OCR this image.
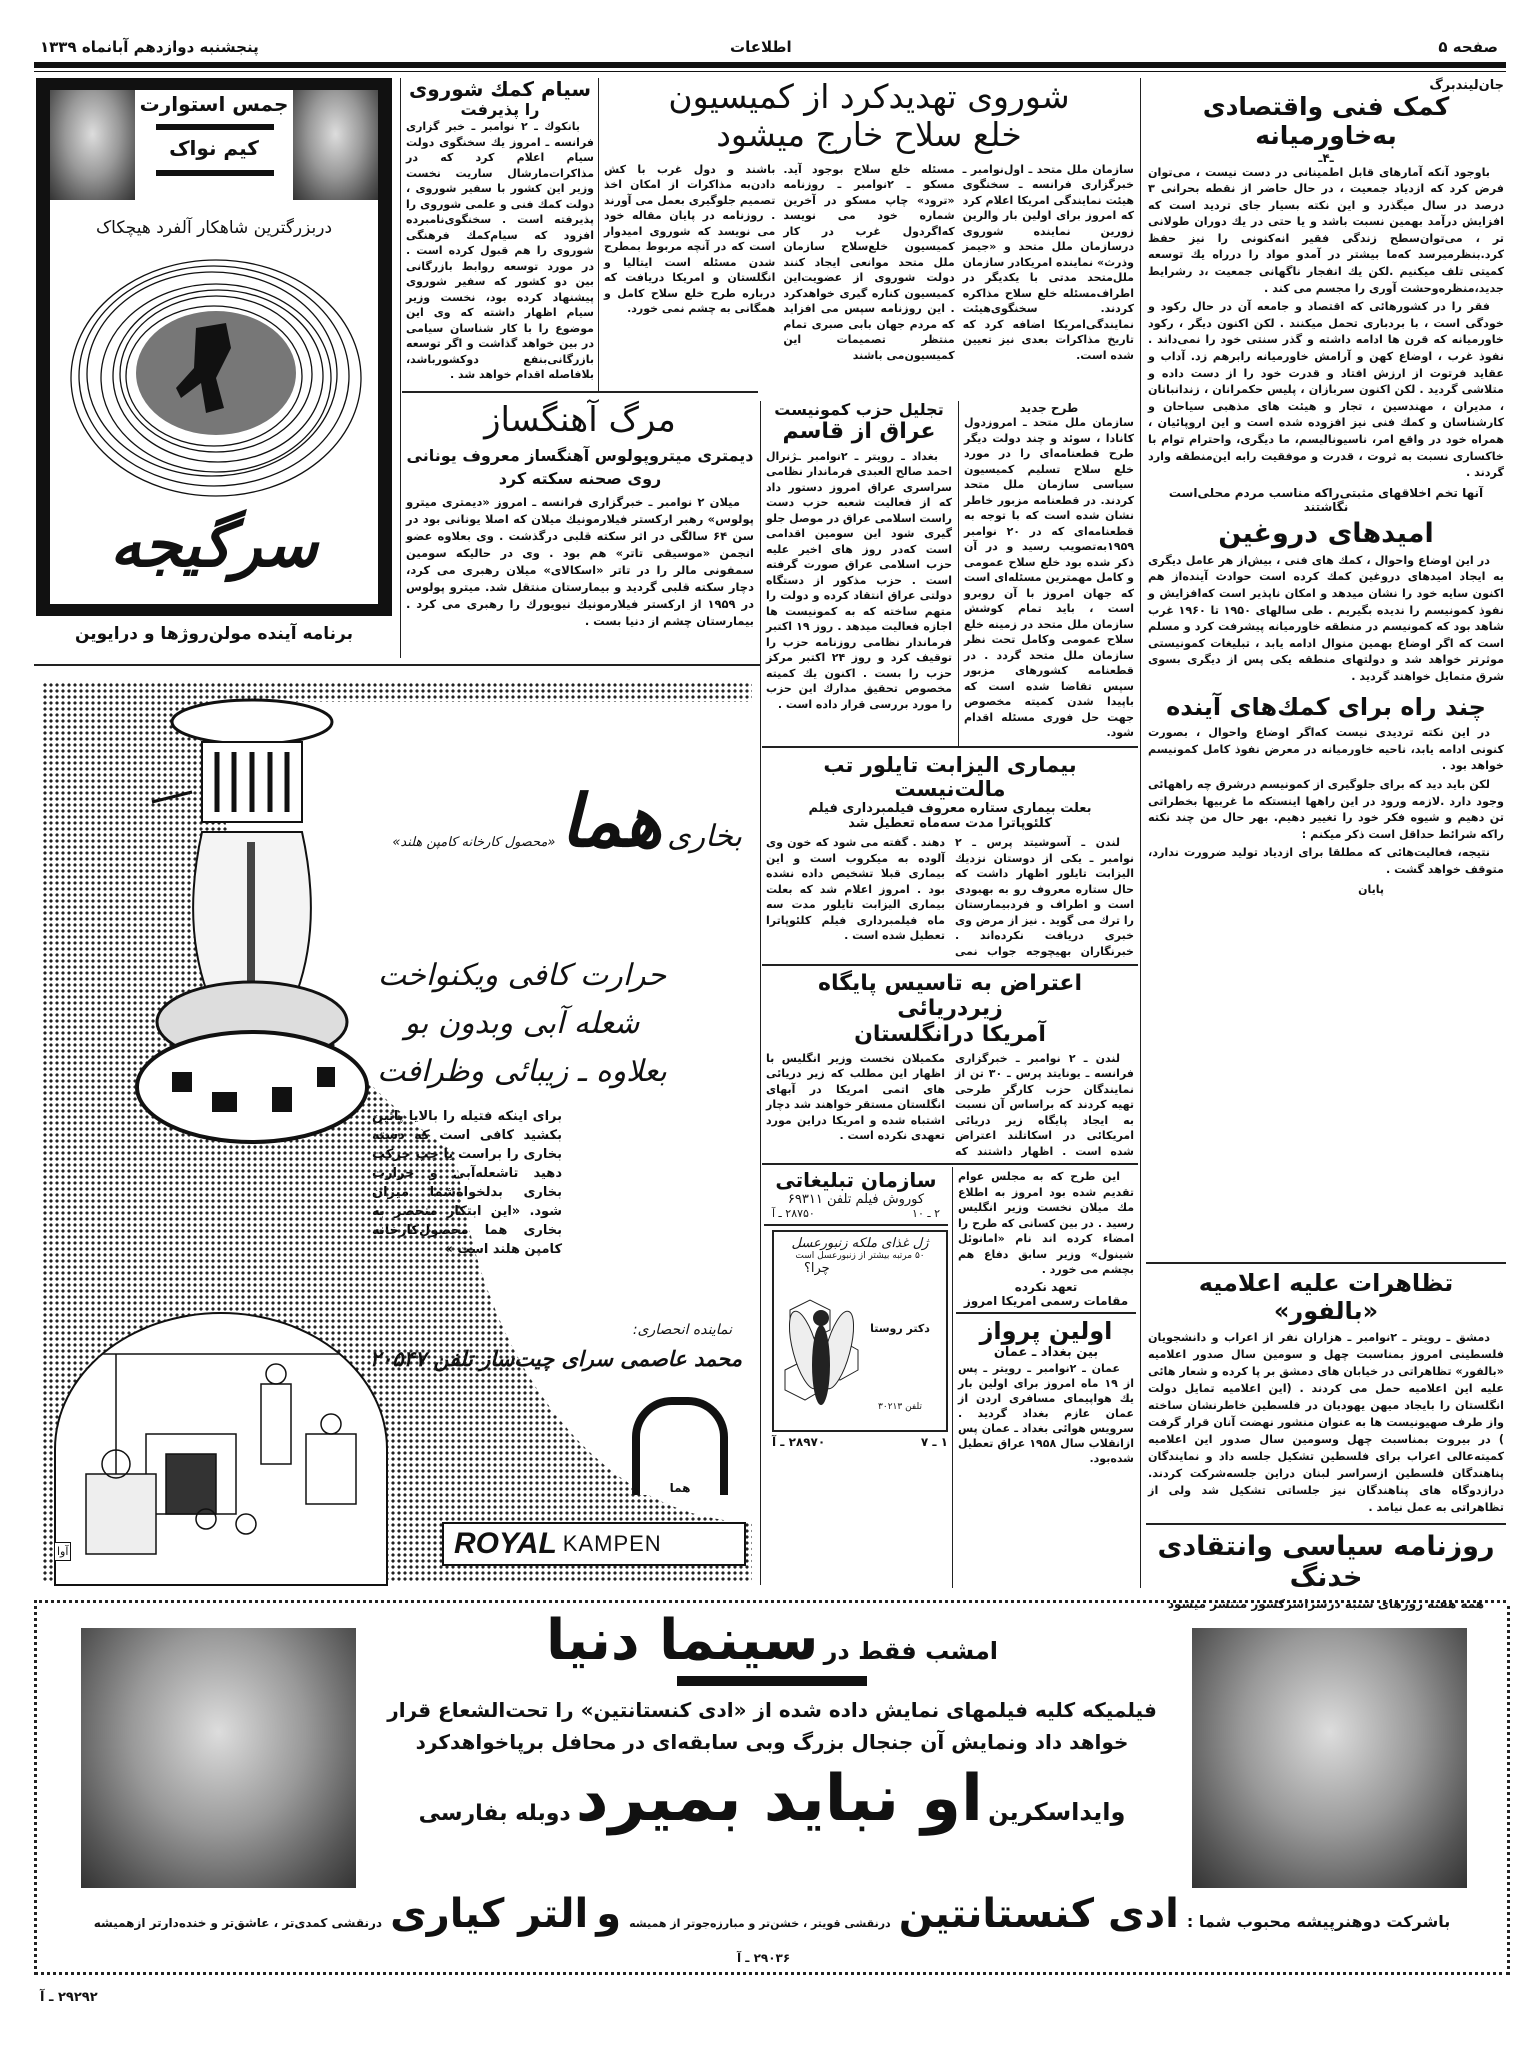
صفحه ۵
اطلاعات
پنجشنبه دوازدهم آبانماه ۱۳۳۹
جان‌لیندبرگ
کمک فنی واقتصادی به‌خاورمیانه
ـ۴ـ

باوجود آنکه آمارهای قابل اطمینانی در دست نیست ، می‌توان فرض کرد که ازدیاد جمعیت ، در حال حاضر از نقطه بحرانی ۳ درصد در سال میگذرد و این نکته بسیار جای تردید است که افزایش درآمد بهمین نسبت باشد و یا حتی در یك دوران طولانی تر ، می‌توان‌سطح زندگی فقیر انه‌کنونی را نیز حفظ کرد.بنظرمیرسد که‌ما بیشتر در آمدو مواد را درراه یك توسعه کمیتی تلف میکنیم .لکن یك انفجار ناگهانی جمعیت ،د رشرایط جدید،منظره‌وحشت آوری را مجسم می کند .

فقر را در کشورهائی که اقتصاد و جامعه آن در حال رکود و خودگی است ، با بردباری تحمل میکنند . لکن اکنون دیگر ، رکود خاورمیانه که قرن ها ادامه داشته و گذر سنتی خود را نمی‌داند . نفوذ غرب ، اوضاع کهن و آرامش خاورمیانه رابرهم زد. آداب و عقاید فرتوت از ارزش افتاد و قدرت خود را از دست داده و متلاشی گردید . لکن اکنون سربازان ، پلیس حکمرانان ، زندانبانان ، مدیران ، مهندسین ، تجار و هیئت های مذهبی سیاحان و کارشناسان و کمك فنی نیز افزوده شده است و این اروپائیان ، همراه خود در واقع امر، ناسیونالیسم، ما دیگری، واحترام توام با خاکساری نسبت به ثروت ، قدرت و موفقیت رابه این‌منطقه وارد گردند .

آنها تخم اخلاقهای مثبتی‌راکه مناسب مردم محلی‌است نگاشتند
امیدهای دروغین

در این اوضاع واحوال ، کمك های فنی ، بیش‌از هر عامل دیگری به ایجاد امیدهای دروغین کمك کرده است حوادث آینده‌از هم اکنون سایه خود را نشان میدهد و امکان ناپذیر است که‌افزایش و نفوذ کمونیسم را ندیده بگیریم . طی سالهای ۱۹۵۰ تا ۱۹۶۰ غرب شاهد بود که کمونیسم در منطقه خاورمیانه پیشرفت کرد و مسلم است که اگر اوضاع بهمین منوال ادامه یابد ، تبلیغات کمونیستی موثرتر خواهد شد و دولتهای منطقه یکی پس از دیگری بسوی شرق متمایل خواهند گردید .

چند راه برای کمك‌های آینده

در این نکته تردیدی نیست که‌اگر اوضاع واحوال ، بصورت کنونی ادامه یابد، ناحیه خاورمیانه در معرض نفوذ کامل کمونیسم خواهد بود .

لکن باید دید که برای جلوگیری از کمونیسم درشرق چه راههائی وجود دارد .لازمه ورود در این راهها اینستکه ما غربیها بخطراتی تن دهیم و شیوه فکر خود را تغییر دهیم. بهر حال من چند نکته راکه شرائط حداقل است ذکر میکنم :

نتیجه، فعالیت‌هائی که مطلقا برای ازدیاد تولید ضرورت ندارد، متوقف خواهد گشت .

پایان
تظاهرات علیه اعلامیه «بالفور»

دمشق ـ رویتر ـ ۲نوامبر ـ هزاران نفر از اعراب و دانشجویان فلسطینی امروز بمناسبت چهل و سومین سال صدور اعلامیه «بالفور» تظاهراتی در خیابان های دمشق بر پا کرده و شعار هائی علیه این اعلامیه حمل می کردند . (این اعلامیه تمایل دولت انگلستان را بایجاد میهن یهودیان در فلسطین خاطرنشان ساخته واز طرف صهیونیست ها به عنوان منشور نهضت آنان قرار گرفت ) در بیروت بمناسبت چهل وسومین سال صدور این اعلامیه کمیته‌عالی اعراب برای فلسطین تشکیل جلسه داد و نمایندگان پناهندگان فلسطین ازسراسر لبنان دراین جلسه‌شرکت کردند. درازدوگاه های پناهندگان نیز جلساتی تشکیل شد ولی از تظاهراتی به عمل نیامد .

روزنامه سیاسی وانتقادی خدنگ
همه هفته روزهای شنبه درسراسرکشور منتشر میشود
شوروی تهدیدکرد از کمیسیون
خلع سلاح خارج میشود
سازمان ملل متحد ـ اول‌نوامبر ـ خبرگزاری فرانسه ـ سخنگوی هیئت نمایندگی امریکا اعلام کرد که امروز برای اولین بار والرین زورین نماینده شوروی درسازمان ملل متحد و «جیمز وذرث» نماینده امریکادر سازمان ملل‌متحد مدتی با یکدیگر در اطراف‌مسئله خلع سلاح مذاکره کردند. سخنگوی‌هیئت نمایندگی‌امریکا اضافه کرد که تاریخ مذاکرات بعدی نیز تعیین شده است.
مسئله خلع سلاح بوجود آید. مسکو ـ ۲نوامبر ـ روزنامه «ترود» چاپ مسکو در آخرین شماره خود می نویسد که‌اگردول غرب در کار کمیسیون خلع‌سلاح سازمان ملل متحد موانعی ایجاد کنند دولت شوروی از عضویت‌این کمیسیون کناره گیری خواهدکرد . این روزنامه سپس می افزاید که مردم جهان بابی صبری تمام منتظر تصمیمات این کمیسیون‌می باشند
باشند و دول غرب با کش دادن‌به مذاکرات از امکان اخذ تصمیم جلوگیری بعمل می آورند . روزنامه در پایان مقاله خود می نویسد که شوروی امیدوار است که در آنچه مربوط بمطرح شدن مسئله است ایتالیا و انگلستان و امریکا دریافت که درباره طرح خلع سلاح کامل و همگانی به چشم نمی خورد.
طرح جدید
سازمان ملل متحد ـ امروزدول کانادا ، سوئد و چند دولت دیگر طرح قطعنامه‌ای را در مورد خلع سلاح تسلیم کمیسیون سیاسی سازمان ملل متحد کردند. در قطعنامه مزبور خاطر نشان شده است که با توجه به قطعنامه‌ای که در ۲۰ نوامبر ۱۹۵۹به‌تصویب رسید و در آن ذکر شده بود خلع سلاح عمومی و کامل مهمترین مسئله‌ای است که جهان امروز با آن روبرو است ، باید تمام کوشش سازمان ملل متحد در زمینه خلع سلاح عمومی وکامل تحت نظر سازمان ملل متحد گردد . در قطعنامه کشورهای مزبور سپس تقاضا شده است که باپیدا شدن کمیته مخصوص جهت حل فوری مسئله اقدام شود.
سیام کمك شوروی
را پذیرفت

بانکوك ـ ۲ نوامبر ـ خبر گزاری فرانسه ـ امروز یك سخنگوی دولت سیام اعلام کرد که در مذاکرات‌مارشال ساریت نخست وزیر این کشور با سفیر شوروی ، دولت کمك فنی و علمی شوروی را پذیرفته است . سخنگوی‌نامبرده افزود که سیام‌کمك فرهنگی شوروی را هم قبول کرده است . در مورد توسعه روابط بازرگانی بین دو کشور که سفیر شوروی پیشنهاد کرده بود، نخست وزیر سیام اظهار داشته که وی این موضوع را با کار شناسان سیامی در بین خواهد گذاشت و اگر توسعه بازرگانی‌بنفع دوکشورباشد، بلافاصله اقدام خواهد شد .

مرگ آهنگساز
دیمتری میتروپولوس آهنگساز معروف یونانی
روی صحنه سکته کرد

میلان ۲ نوامبر ـ خبرگزاری فرانسه ـ امروز «دیمتری میترو پولوس» رهبر ارکستر فیلارمونیك میلان که اصلا یونانی بود در سن ۶۴ سالگی در اثر سکته قلبی درگذشت . وی بعلاوه عضو انجمن «موسیقی تاتر» هم بود . وی در حالیکه سومین سمفونی مالر را در تاتر «اسکالای» میلان رهبری می کرد، دچار سکته قلبی گردید و بیمارستان منتقل شد. میترو پولوس در ۱۹۵۹ از ارکستر فیلارمونیك نیویورك را رهبری می کرد . بیمارستان چشم از دنیا بست .

تجلیل حزب کمونیست
عراق از قاسم

بغداد ـ رویتر ـ ۲نوامبر ـژنرال احمد صالح العبدی فرماندار نظامی سراسری عراق امروز دستور داد که از فعالیت شعبه حزب دست راست اسلامی عراق در موصل جلو گیری شود این سومین اقدامی است که‌در روز های اخیر علیه حزب اسلامی عراق صورت گرفته است . حزب مذکور از دستگاه دولتی عراق انتقاد کرده و دولت را متهم ساخته که به کمونیست ها اجازه فعالیت میدهد . روز ۱۹ اکتبر فرماندار نظامی روزنامه حزب را توقیف کرد و روز ۲۴ اکتبر مرکز حزب را بست . اکنون یك کمیته مخصوص تحقیق مدارك این حزب را مورد بررسی قرار داده است .

بیماری الیزابت تایلور تب مالت‌نیست
بعلت بیماری ستاره معروف فیلمبرداری فیلم کلئوپاترا مدت سه‌ماه تعطیل شد

لندن ـ آسوشیتد پرس ـ ۲ نوامبر ـ یکی از دوستان نزدیك الیزابت تایلور اظهار داشت که حال ستاره معروف رو به بهبودی است و اطراف و فرد‌بیمارستان را ترك می گوید . نیز از مرض وی خبری دریافت نکرده‌اند . خبرنگاران بهیچوجه جواب نمی دهند . گفته می شود که خون وی آلوده به میکروب است و این بیماری قبلا تشخیص داده نشده بود . امروز اعلام شد که بعلت بیماری الیزابت تایلور مدت سه ماه فیلمبرداری فیلم کلئوپاترا تعطیل شده است .

اعتراض به تاسیس پایگاه زیردریائی
آمریکا درانگلستان

لندن ـ ۲ نوامبر ـ خبرگزاری فرانسه ـ یونایتد پرس ـ ۳۰ تن از نمایندگان حزب کارگر طرحی تهیه کردند که براساس آن نسبت به ایجاد پایگاه زیر دریائی امریکائی در اسکاتلند اعتراض شده است . اظهار داشتند که مکمیلان نخست وزیر انگلیس با اظهار این مطلب که زیر دریائی های اتمی امریکا در آبهای انگلستان مستقر خواهند شد دچار اشتباه شده و امریکا دراین مورد تعهدی نکرده است .

این طرح که به مجلس عوام تقدیم شده بود امروز به اطلاع مك میلان نخست وزیر انگلیس رسید . در بین کسانی که طرح را امضاء کرده اند نام «امانوئل شینول» وزیر سابق دفاع هم بچشم می خورد .

تعهد نکرده
مقامات رسمی امریکا امروز
اولین پرواز
بین بغداد ـ عمان

عمان ـ ۲نوامبر ـ رویتر ـ پس از ۱۹ ماه امروز برای اولین بار یك هواپیمای مسافری اردن از عمان عازم بغداد گردید . سرویس هوائی بغداد ـ عمان پس ازانقلاب سال ۱۹۵۸ عراق تعطیل شده‌بود.

سازمان تبلیغاتی
کوروش فیلم تلفن ۶۹۳۱۱
۲ ـ ۱۰
۲۸۷۵۰ ـ آ
ژل غذای ملکه زنبورعسل
۵۰ مرتبه بیشتر از زنبورعسل است
چرا؟
دکتر روستا
تلفن ۳۰۲۱۳
۱ ـ ۷
۲۸۹۷۰ ـ آ
جمس استوارت
کیم نواک
دربزرگترین شاهکار آلفرد هیچکاک
سرگیجه
برنامه آینده مولن‌روژها و درایوین
بخاری هما «محصول کارخانه کامپن هلند»
حرارت کافی ویکنواخت
شعله آبی وبدون بو
بعلاوه ـ زیبائی وظرافت
برای اینکه فتیله را بالایا پائین بکشید کافی است که دسته بخاری را براست یا چپ حرکت دهید تاشعله‌آبی و حرارت بخاری بدلخواه‌شما میزان شود. «این ابتکار منحصر به بخاری هما محصول‌کارخانه کامپن هلند است »
نماینده انحصاری:
محمد عاصمی سرای چیت‌ساز تلفن ۲۰۵۴۷
هما
ROYAL KAMPEN
آوا
امشب فقط در سینما دنیا
فیلمیکه کلیه فیلمهای نمایش داده شده از «ادی کنستانتین» را تحت‌الشعاع قرار خواهد داد ونمایش آن جنجال بزرگ وبی سابقه‌ای در محافل برپاخواهدکرد
وایداسکرین او نباید بمیرد دوبله بفارسی
باشرکت دوهنرپیشه محبوب شما :
ادی کنستانتین
درنقشی قویتر ، خشن‌تر و مبارزه‌جوتر از همیشه
و
التر کیاری
درنقشی کمدی‌تر ، عاشق‌تر و خنده‌دارتر ازهمیشه
۲۹۰۳۶ ـ آ
۲۹۲۹۲ ـ آ
